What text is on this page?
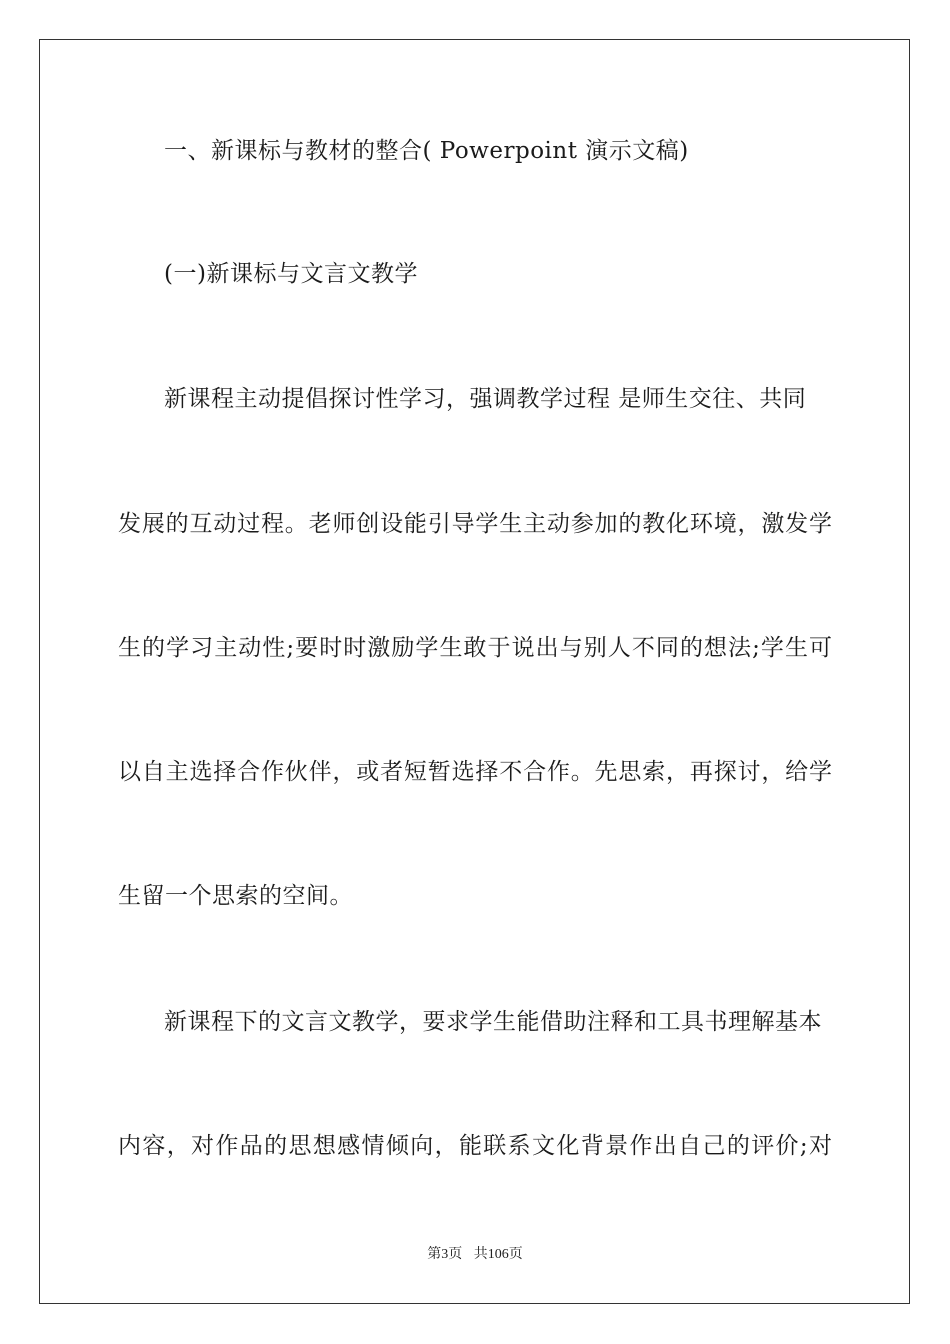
一、新课标与教材的整合( Powerpoint 演示文稿)
(一)新课标与文言文教学
新课程主动提倡探讨性学习，强调教学过程 是师生交往、共同
发展的互动过程。老师创设能引导学生主动参加的教化环境，激发学
生的学习主动性;要时时激励学生敢于说出与别人不同的想法;学生可
以自主选择合作伙伴，或者短暂选择不合作。先思索，再探讨，给学
生留一个思索的空间。
新课程下的文言文教学，要求学生能借助注释和工具书理解基本
内容，对作品的思想感情倾向，能联系文化背景作出自己的评价;对
第3页 共106页
